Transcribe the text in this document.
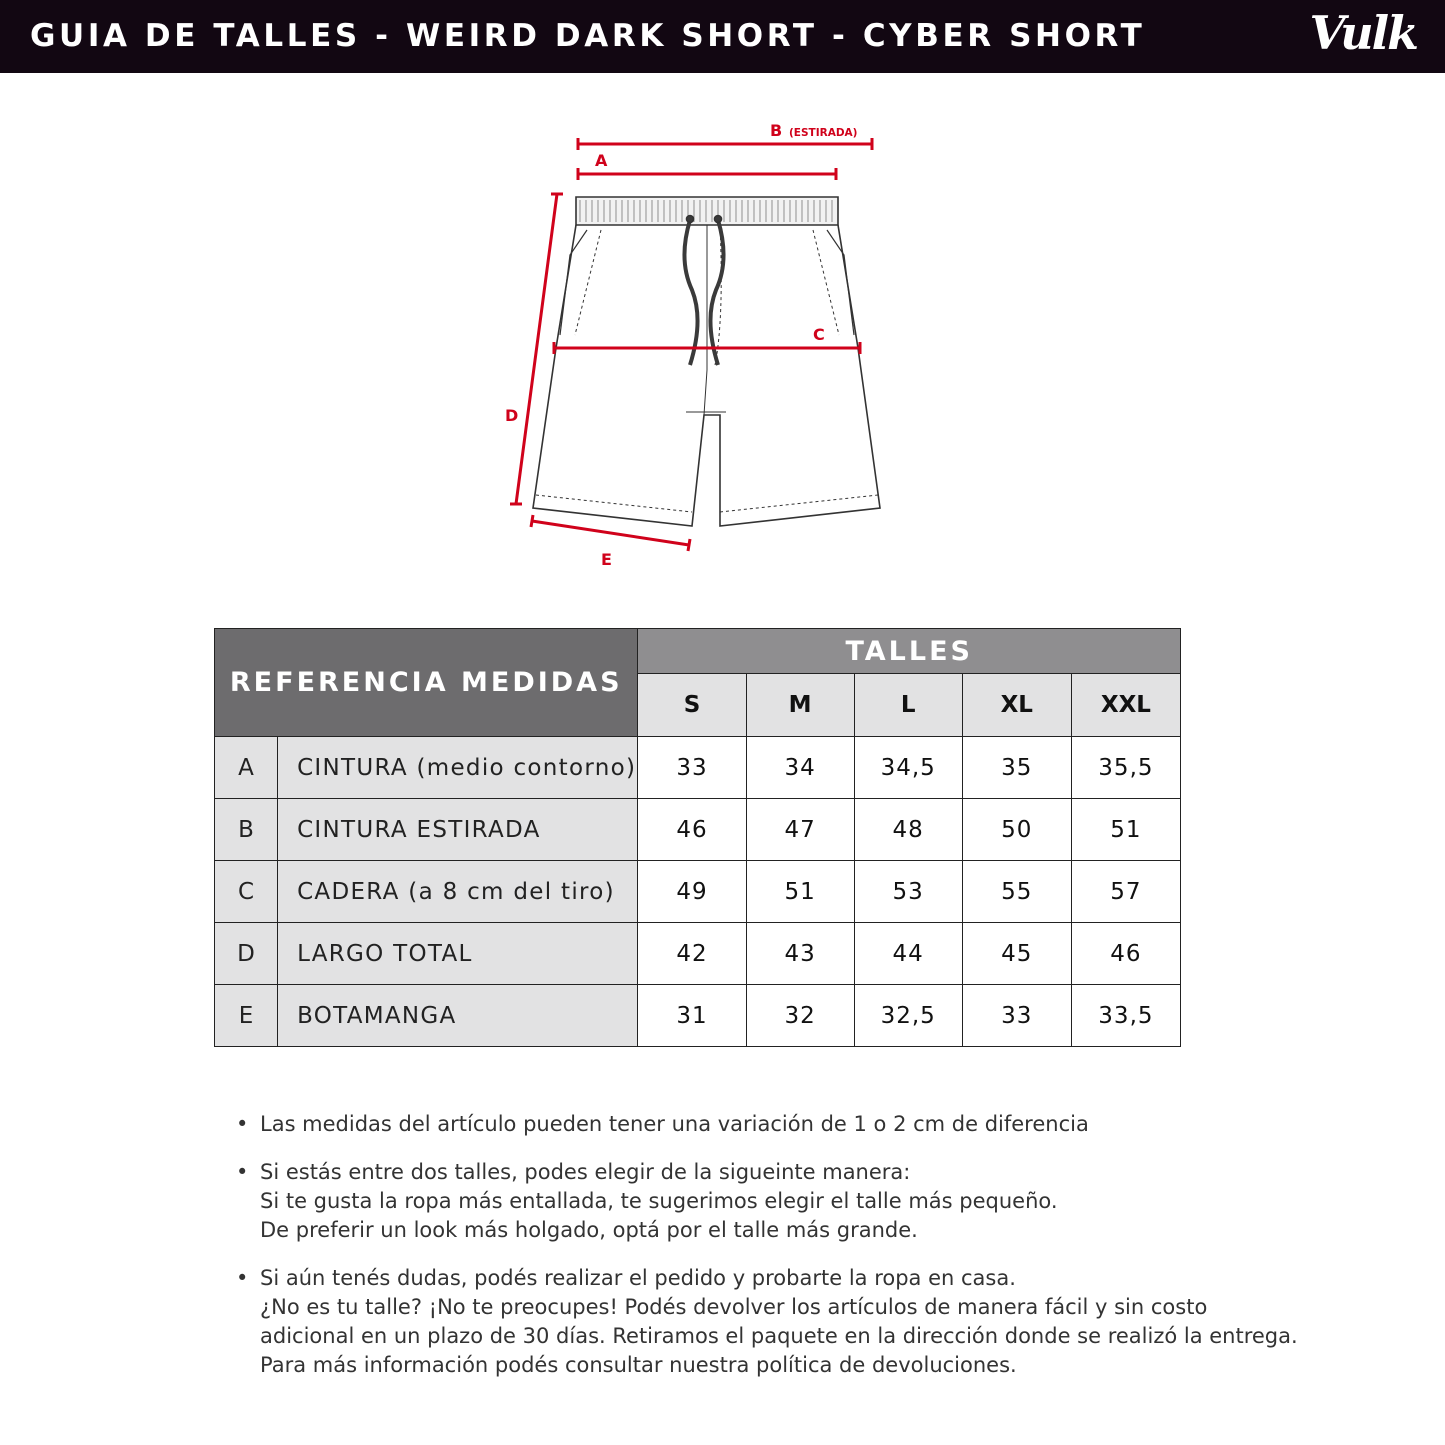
GUIA DE TALLES - WEIRD DARK SHORT - CYBER SHORT	Vulk
B (ESTIRADA)
A
C
D
E
REFERENCIA MEDIDAS		TALLES				
		S	M	L	XL	XXL
A	CINTURA (medio contorno)	33	34	34,5	35	35,5
B	CINTURA ESTIRADA	46	47	48	50	51
C	CADERA (a 8 cm del tiro)	49	51	53	55	57
D	LARGO TOTAL	42	43	44	45	46
E	BOTAMANGA	31	32	32,5	33	33,5
• Las medidas del artículo pueden tener una variación de 1 o 2 cm de diferencia
• Si estás entre dos talles, podes elegir de la sigueinte manera:
Si te gusta la ropa más entallada, te sugerimos elegir el talle más pequeño.
De preferir un look más holgado, optá por el talle más grande.
• Si aún tenés dudas, podés realizar el pedido y probarte la ropa en casa.
¿No es tu talle? ¡No te preocupes! Podés devolver los artículos de manera fácil y sin costo
adicional en un plazo de 30 días. Retiramos el paquete en la dirección donde se realizó la entrega.
Para más información podés consultar nuestra política de devoluciones.
